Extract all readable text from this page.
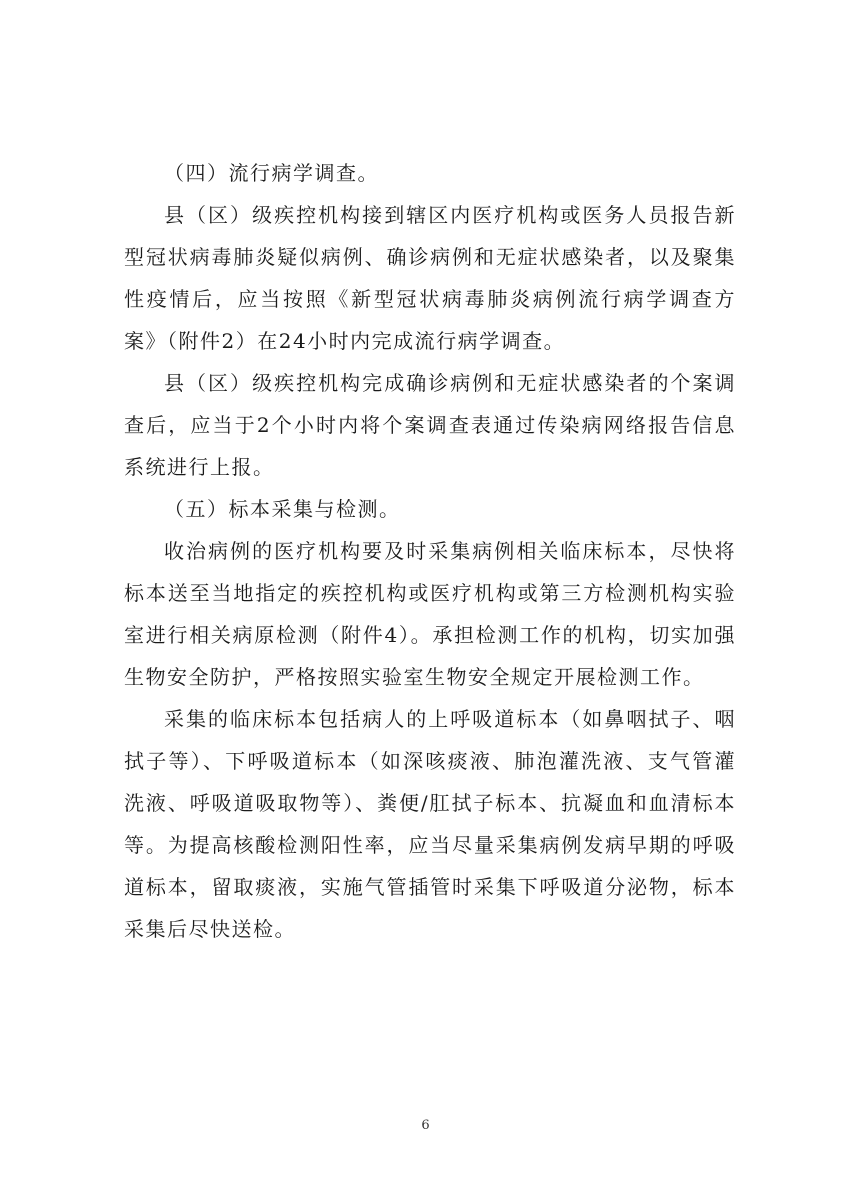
（四）流行病学调查。

县（区）级疾控机构接到辖区内医疗机构或医务人员报告新型冠状病毒肺炎疑似病例、确诊病例和无症状感染者，以及聚集性疫情后，应当按照《新型冠状病毒肺炎病例流行病学调查方案》（附件2）在24小时内完成流行病学调查。

县（区）级疾控机构完成确诊病例和无症状感染者的个案调查后，应当于2个小时内将个案调查表通过传染病网络报告信息系统进行上报。

（五）标本采集与检测。

收治病例的医疗机构要及时采集病例相关临床标本，尽快将标本送至当地指定的疾控机构或医疗机构或第三方检测机构实验室进行相关病原检测（附件4）。承担检测工作的机构，切实加强生物安全防护，严格按照实验室生物安全规定开展检测工作。

采集的临床标本包括病人的上呼吸道标本（如鼻咽拭子、咽拭子等）、下呼吸道标本（如深咳痰液、肺泡灌洗液、支气管灌洗液、呼吸道吸取物等）、粪便/肛拭子标本、抗凝血和血清标本等。为提高核酸检测阳性率，应当尽量采集病例发病早期的呼吸道标本，留取痰液，实施气管插管时采集下呼吸道分泌物，标本采集后尽快送检。

6
